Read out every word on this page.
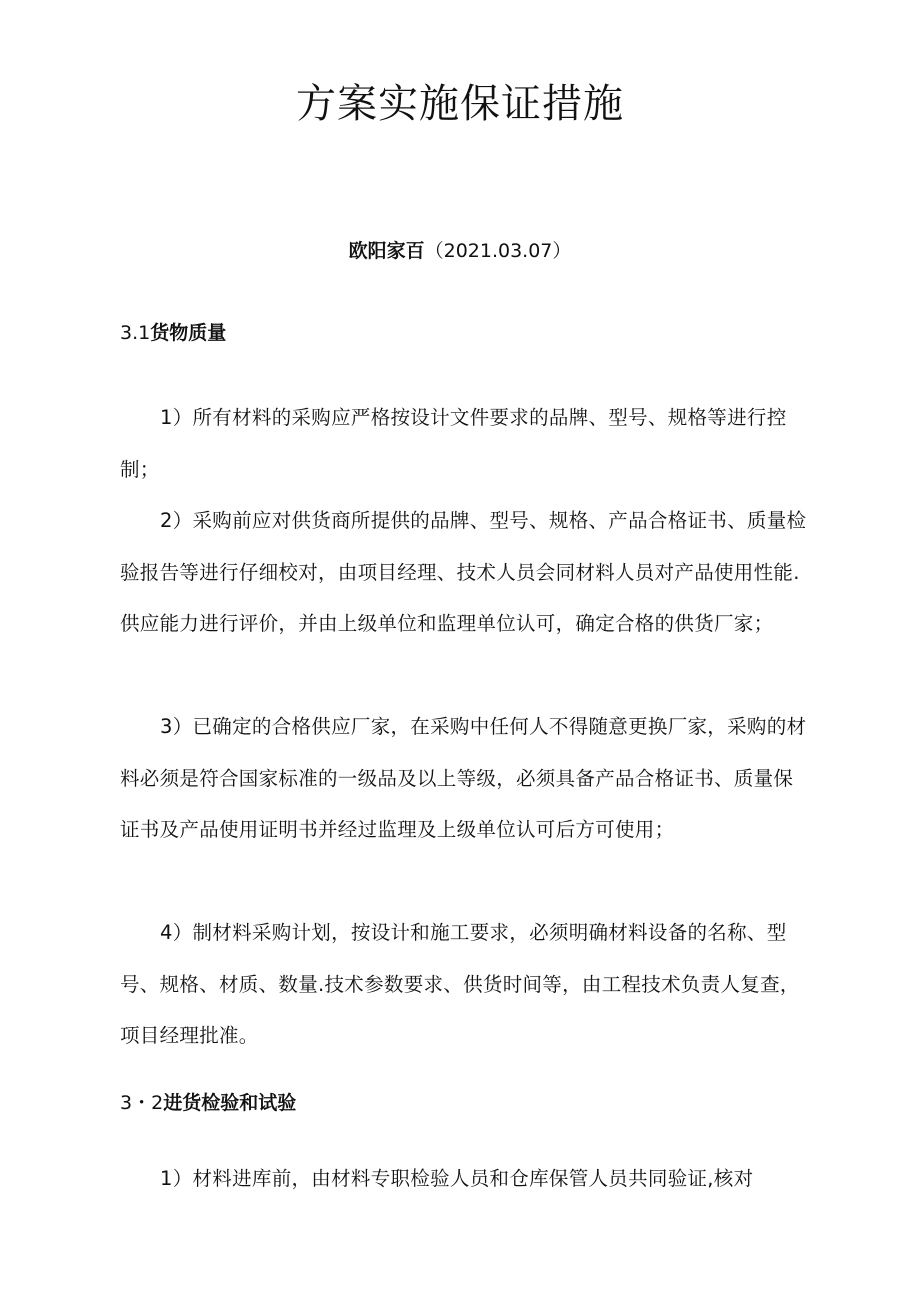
方案实施保证措施

欧阳家百（2021.03.07）

3.1货物质量

1）所有材料的采购应严格按设计文件要求的品牌、型号、规格等进行控制；

2）采购前应对供货商所提供的品牌、型号、规格、产品合格证书、质量检验报告等进行仔细校对，由项目经理、技术人员会同材料人员对产品使用性能.供应能力进行评价，并由上级单位和监理单位认可，确定合格的供货厂家；

3）已确定的合格供应厂家，在采购中任何人不得随意更换厂家，采购的材料必须是符合国家标准的一级品及以上等级，必须具备产品合格证书、质量保证书及产品使用证明书并经过监理及上级单位认可后方可使用；

4）制材料采购计划，按设计和施工要求，必须明确材料设备的名称、型号、规格、材质、数量.技术参数要求、供货时间等，由工程技术负责人复查，项目经理批准。

3・2进货检验和试验

1）材料进库前，由材料专职检验人员和仓库保管人员共同验证,核对
